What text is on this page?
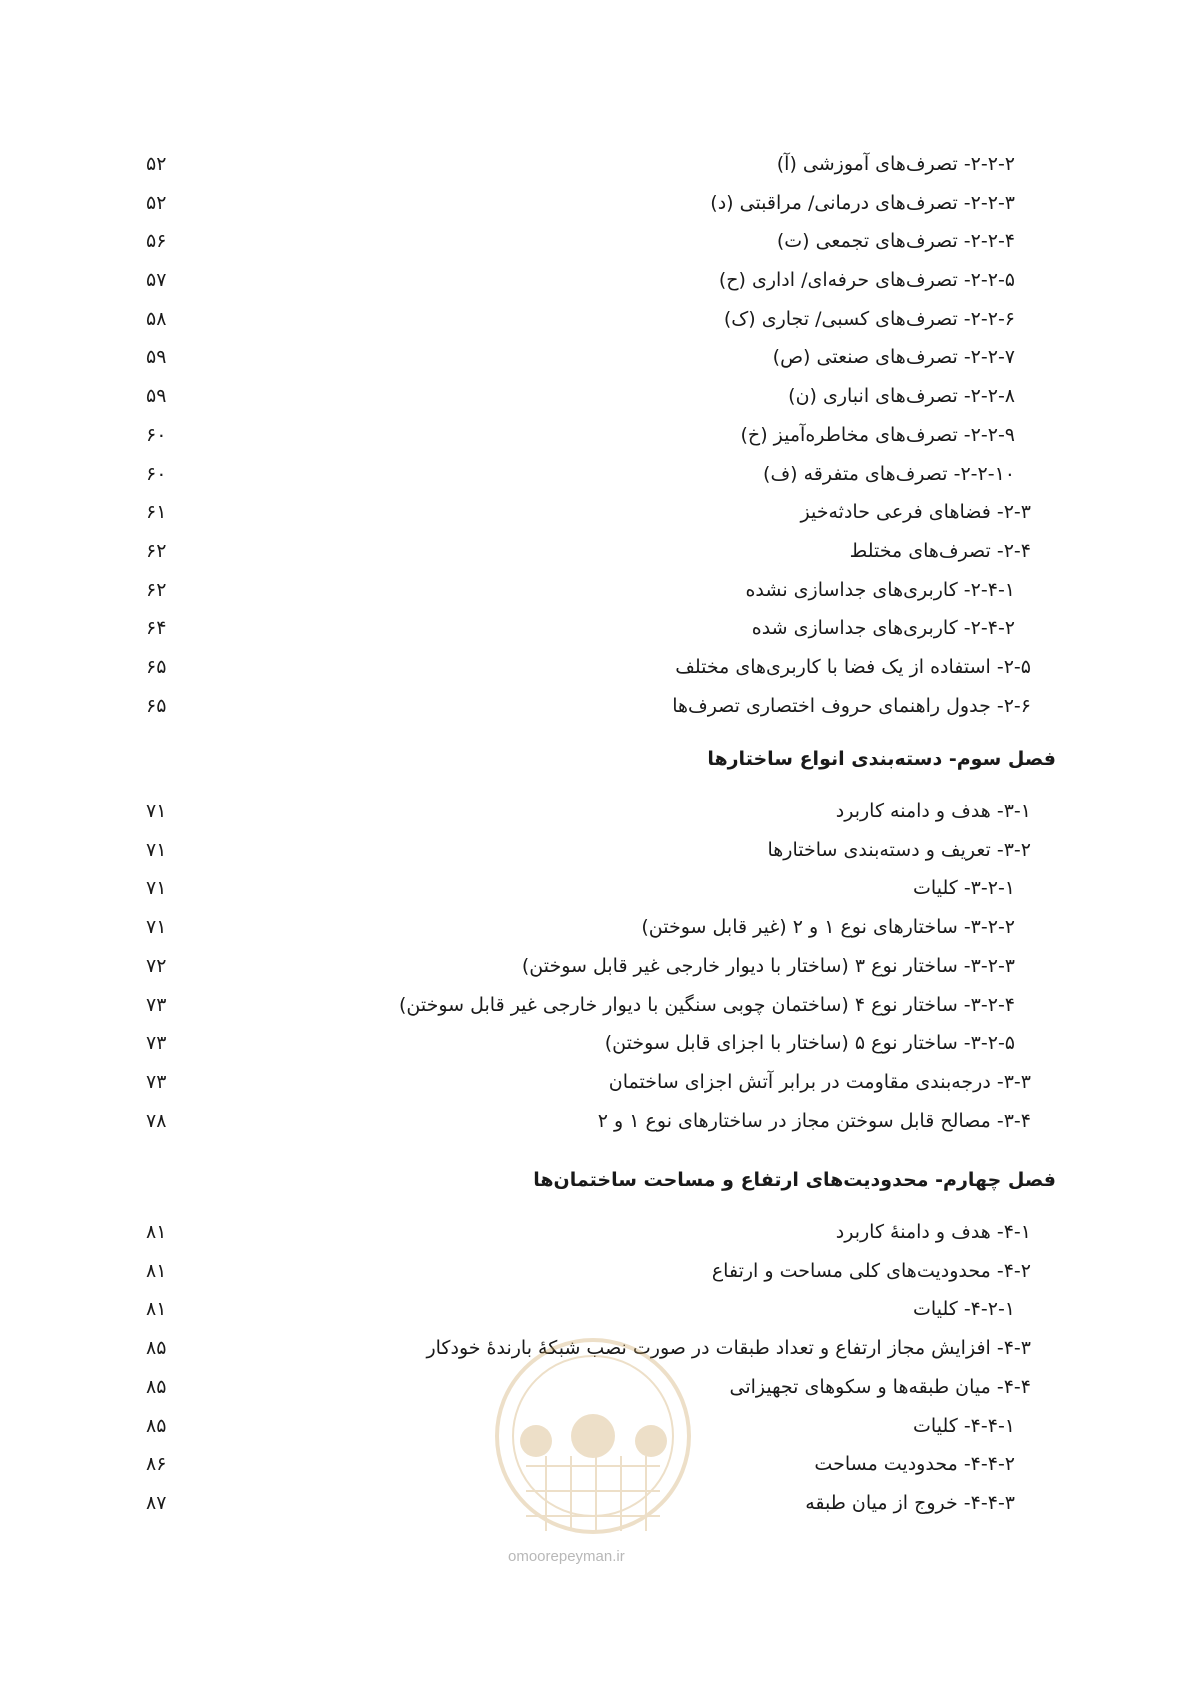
۲-۲-۲- تصرف‌های آموزشی (آ)
۵۲
۲-۲-۳- تصرف‌های درمانی/ مراقبتی (د)
۵۲
۲-۲-۴- تصرف‌های تجمعی (ت)
۵۶
۲-۲-۵- تصرف‌های حرفه‌ای/ اداری (ح)
۵۷
۲-۲-۶- تصرف‌های کسبی/ تجاری (ک)
۵۸
۲-۲-۷- تصرف‌های صنعتی (ص)
۵۹
۲-۲-۸- تصرف‌های انباری (ن)
۵۹
۲-۲-۹- تصرف‌های مخاطره‌آمیز (خ)
۶۰
۲-۲-۱۰- تصرف‌های متفرقه (ف)
۶۰
۲-۳- فضاهای فرعی حادثه‌خیز
۶۱
۲-۴- تصرف‌های مختلط
۶۲
۲-۴-۱- کاربری‌های جداسازی نشده
۶۲
۲-۴-۲- کاربری‌های جداسازی شده
۶۴
۲-۵- استفاده از یک فضا با کاربری‌های مختلف
۶۵
۲-۶- جدول راهنمای حروف اختصاری تصرف‌ها
۶۵
فصل سوم- دسته‌بندی انواع ساختارها
۳-۱- هدف و دامنه کاربرد
۷۱
۳-۲- تعریف و دسته‌بندی ساختارها
۷۱
۳-۲-۱- کلیات
۷۱
۳-۲-۲- ساختارهای نوع ۱ و ۲ (غیر قابل سوختن)
۷۱
۳-۲-۳- ساختار نوع ۳ (ساختار با دیوار خارجی غیر قابل سوختن)
۷۲
۳-۲-۴- ساختار نوع ۴ (ساختمان چوبی سنگین با دیوار خارجی غیر قابل سوختن)
۷۳
۳-۲-۵- ساختار نوع ۵ (ساختار با اجزای قابل سوختن)
۷۳
۳-۳- درجه‌بندی مقاومت در برابر آتش اجزای ساختمان
۷۳
۳-۴- مصالح قابل سوختن مجاز در ساختارهای نوع ۱ و ۲
۷۸
فصل چهارم- محدودیت‌های ارتفاع و مساحت ساختمان‌ها
۴-۱- هدف و دامنهٔ کاربرد
۸۱
۴-۲- محدودیت‌های کلی مساحت و ارتفاع
۸۱
۴-۲-۱- کلیات
۸۱
۴-۳- افزایش مجاز ارتفاع و تعداد طبقات در صورت نصب شبکهٔ بارندهٔ خودکار
۸۵
۴-۴- میان طبقه‌ها و سکوهای تجهیزاتی
۸۵
۴-۴-۱- کلیات
۸۵
۴-۴-۲- محدودیت مساحت
۸۶
۴-۴-۳- خروج از میان طبقه
۸۷
omoorepeyman.ir
